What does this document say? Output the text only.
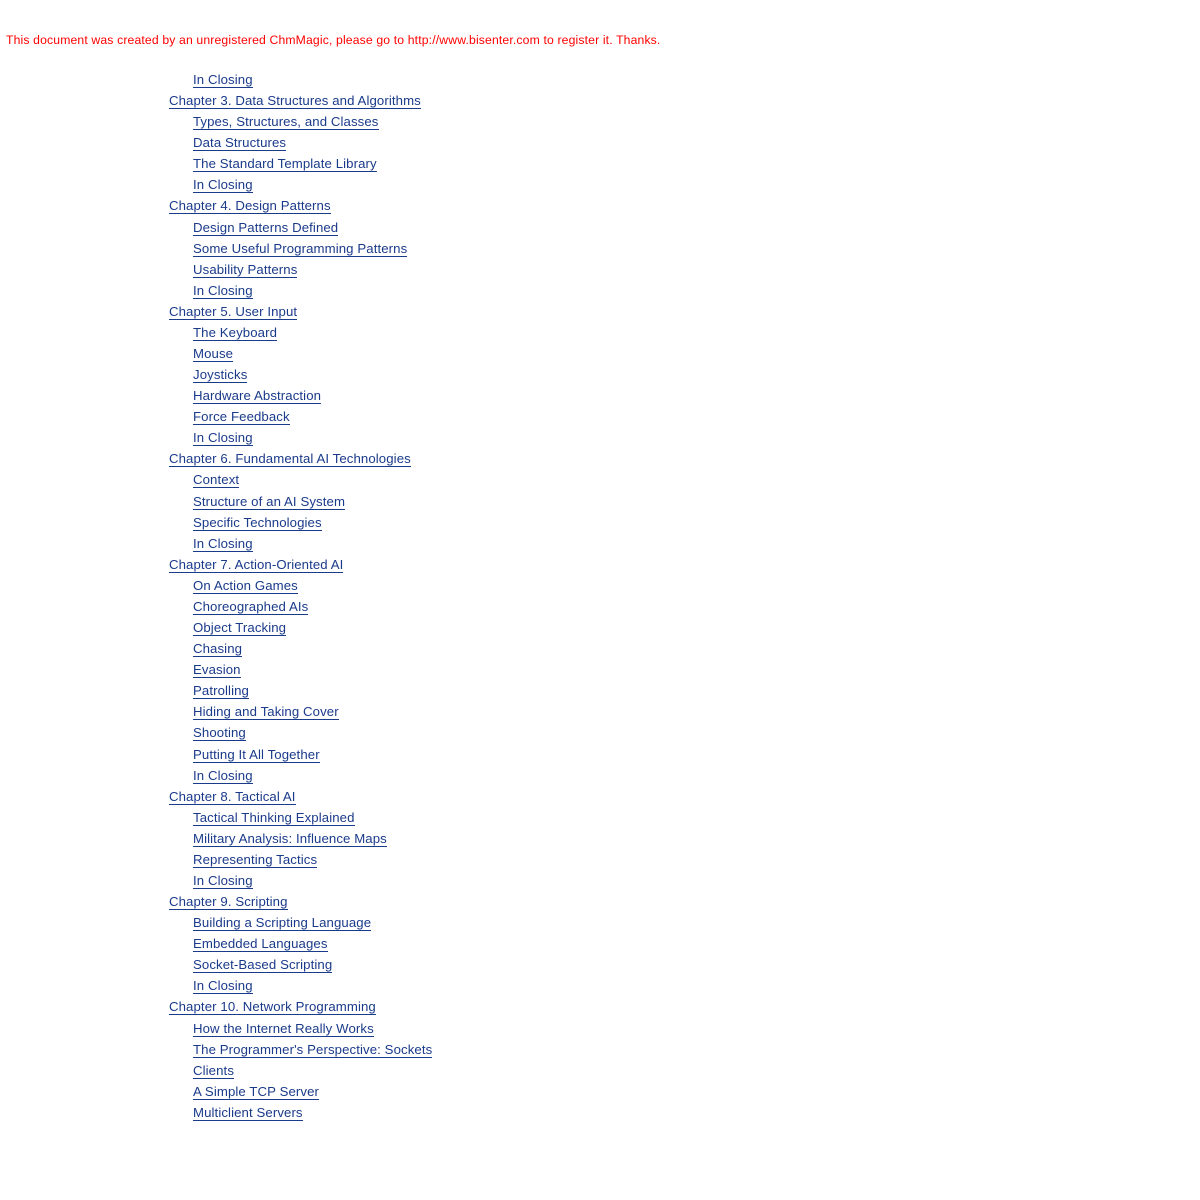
This document was created by an unregistered ChmMagic, please go to http://www.bisenter.com to register it. Thanks.
In Closing
Chapter 3. Data Structures and Algorithms
Types, Structures, and Classes
Data Structures
The Standard Template Library
In Closing
Chapter 4. Design Patterns
Design Patterns Defined
Some Useful Programming Patterns
Usability Patterns
In Closing
Chapter 5. User Input
The Keyboard
Mouse
Joysticks
Hardware Abstraction
Force Feedback
In Closing
Chapter 6. Fundamental AI Technologies
Context
Structure of an AI System
Specific Technologies
In Closing
Chapter 7. Action-Oriented AI
On Action Games
Choreographed AIs
Object Tracking
Chasing
Evasion
Patrolling
Hiding and Taking Cover
Shooting
Putting It All Together
In Closing
Chapter 8. Tactical AI
Tactical Thinking Explained
Military Analysis: Influence Maps
Representing Tactics
In Closing
Chapter 9. Scripting
Building a Scripting Language
Embedded Languages
Socket-Based Scripting
In Closing
Chapter 10. Network Programming
How the Internet Really Works
The Programmer's Perspective: Sockets
Clients
A Simple TCP Server
Multiclient Servers
